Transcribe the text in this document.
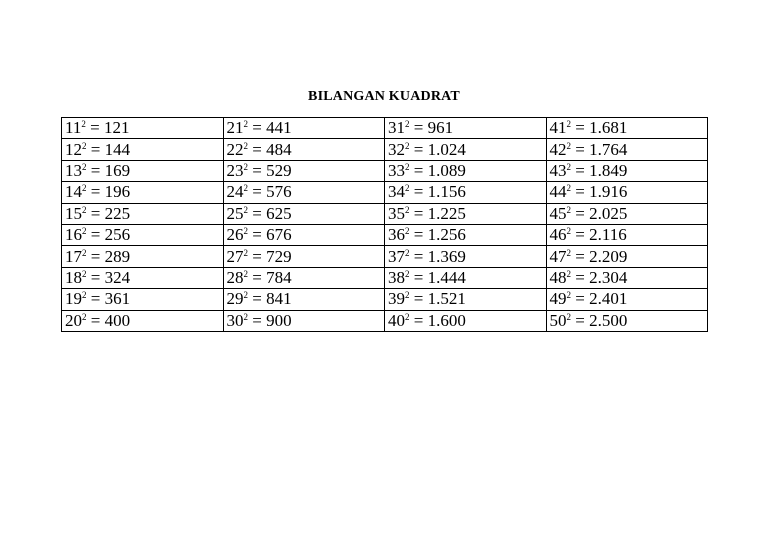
BILANGAN KUADRAT
$11^2 = 121$	$21^2 = 441$	$31^2 = 961$	$41^2 = 1.681$
$12^2 = 144$	$22^2 = 484$	$32^2 = 1.024$	$42^2 = 1.764$
$13^2 = 169$	$23^2 = 529$	$33^2 = 1.089$	$43^2 = 1.849$
$14^2 = 196$	$24^2 = 576$	$34^2 = 1.156$	$44^2 = 1.916$
$15^2 = 225$	$25^2 = 625$	$35^2 = 1.225$	$45^2 = 2.025$
$16^2 = 256$	$26^2 = 676$	$36^2 = 1.256$	$46^2 = 2.116$
$17^2 = 289$	$27^2 = 729$	$37^2 = 1.369$	$47^2 = 2.209$
$18^2 = 324$	$28^2 = 784$	$38^2 = 1.444$	$48^2 = 2.304$
$19^2 = 361$	$29^2 = 841$	$39^2 = 1.521$	$49^2 = 2.401$
$20^2 = 400$	$30^2 = 900$	$40^2 = 1.600$	$50^2 = 2.500$
